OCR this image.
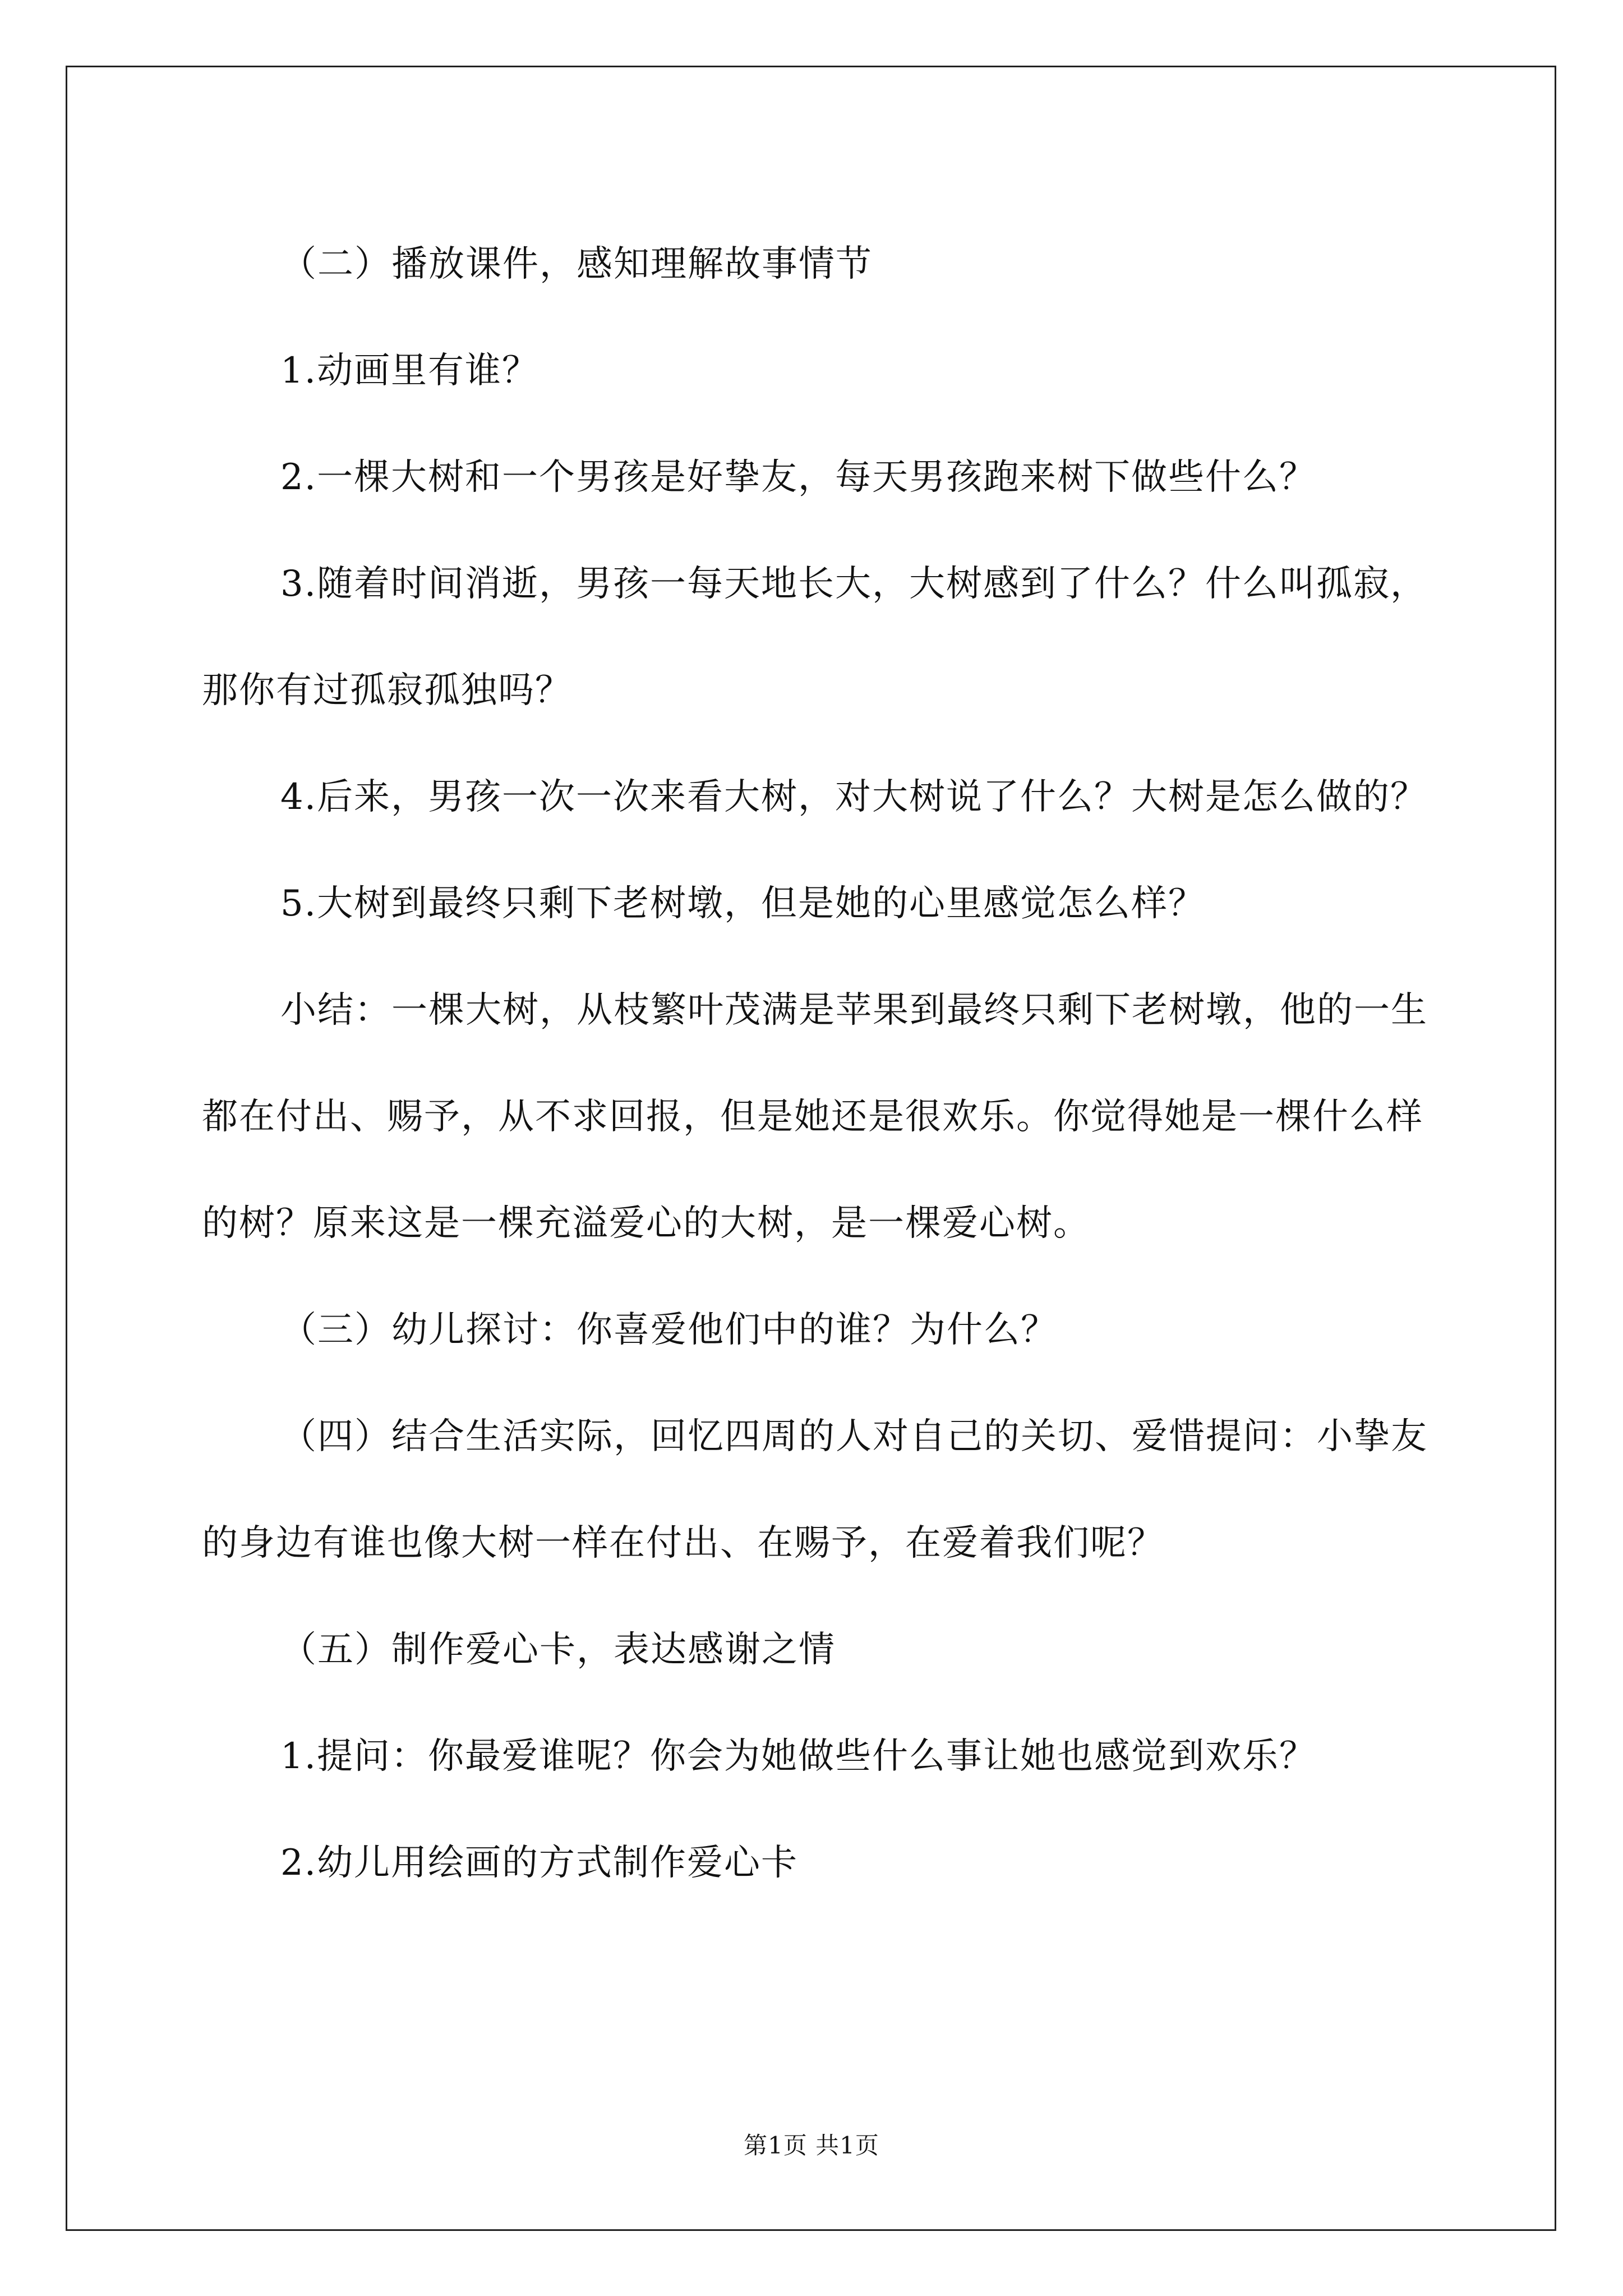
（二）播放课件，感知理解故事情节

1.动画里有谁？

2.一棵大树和一个男孩是好挚友，每天男孩跑来树下做些什么？

3.随着时间消逝，男孩一每天地长大，大树感到了什么？什么叫孤寂，那你有过孤寂孤独吗？

4.后来，男孩一次一次来看大树，对大树说了什么？大树是怎么做的？

5.大树到最终只剩下老树墩，但是她的心里感觉怎么样？

小结：一棵大树，从枝繁叶茂满是苹果到最终只剩下老树墩，他的一生都在付出、赐予，从不求回报，但是她还是很欢乐。你觉得她是一棵什么样的树？原来这是一棵充溢爱心的大树，是一棵爱心树。

（三）幼儿探讨：你喜爱他们中的谁？为什么？

（四）结合生活实际，回忆四周的人对自己的关切、爱惜提问：小挚友的身边有谁也像大树一样在付出、在赐予，在爱着我们呢？

（五）制作爱心卡，表达感谢之情

1.提问：你最爱谁呢？你会为她做些什么事让她也感觉到欢乐？

2.幼儿用绘画的方式制作爱心卡

第1页 共1页
